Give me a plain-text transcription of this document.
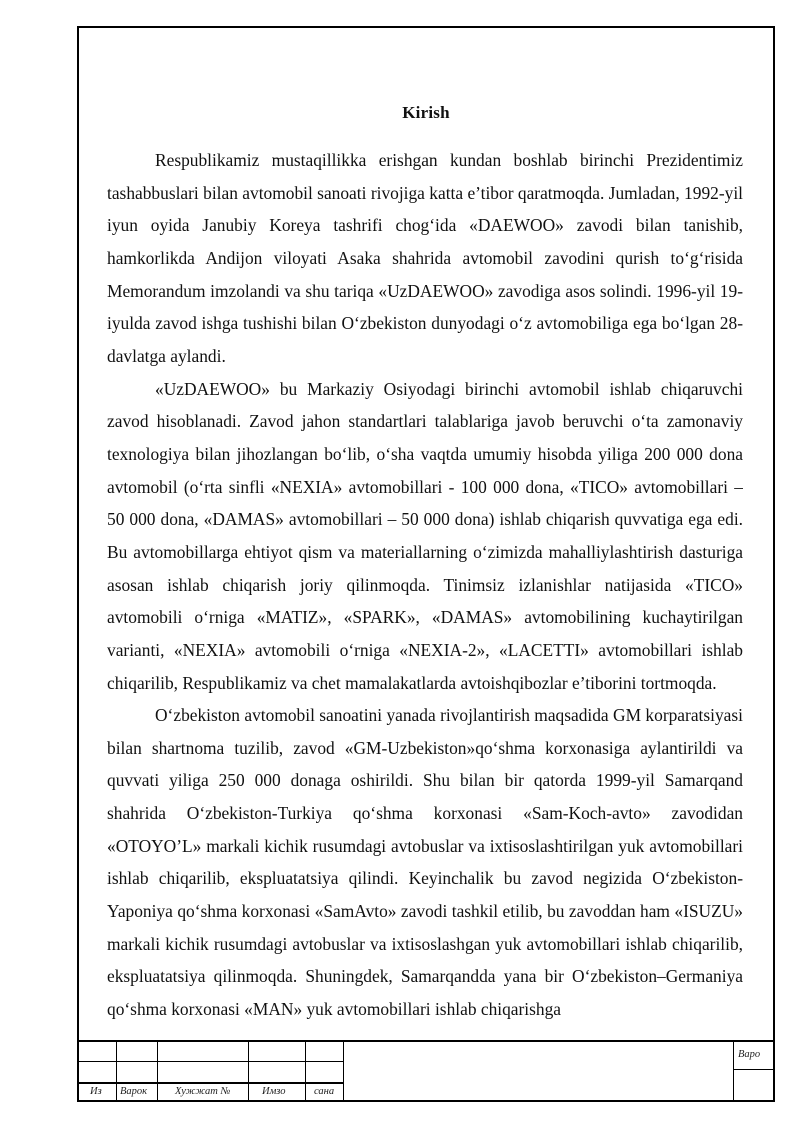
Kirish

Respublikamiz mustaqillikka erishgan kundan boshlab birinchi Prezidentimiz tashabbuslari bilan avtomobil sanoati rivojiga katta e’tibor qaratmoqda. Jumladan, 1992-yil iyun oyida Janubiy Koreya tashrifi chog‘ida «DAEWOO» zavodi bilan tanishib, hamkorlikda Andijon viloyati Asaka shahrida avtomobil zavodini qurish to‘g‘risida Memorandum imzolandi va shu tariqa «UzDAEWOO» zavodiga asos solindi. 1996-yil 19-iyulda zavod ishga tushishi bilan O‘zbekiston dunyodagi o‘z avtomobiliga ega bo‘lgan 28-davlatga aylandi.

«UzDAEWOO» bu Markaziy Osiyodagi birinchi avtomobil ishlab chiqaruvchi zavod hisoblanadi. Zavod jahon standartlari talablariga javob beruvchi o‘ta zamonaviy texnologiya bilan jihozlangan bo‘lib, o‘sha vaqtda umumiy hisobda yiliga 200 000 dona avtomobil (o‘rta sinfli «NEXIA» avtomobillari - 100 000 dona, «TICO» avtomobillari – 50 000 dona, «DAMAS» avtomobillari – 50 000 dona) ishlab chiqarish quvvatiga ega edi. Bu avtomobillarga ehtiyot qism va materiallarning o‘zimizda mahalliylashtirish dasturiga asosan ishlab chiqarish joriy qilinmoqda. Tinimsiz izlanishlar natijasida «TICO» avtomobili o‘rniga «MATIZ», «SPARK», «DAMAS» avtomobilining kuchaytirilgan varianti, «NEXIA» avtomobili o‘rniga «NEXIA-2», «LACETTI» avtomobillari ishlab chiqarilib, Respublikamiz va chet mamalakatlarda avtoishqibozlar e’tiborini tortmoqda.

O‘zbekiston avtomobil sanoatini yanada rivojlantirish maqsadida GM korparatsiyasi bilan shartnoma tuzilib, zavod «GM-Uzbekiston»qo‘shma korxonasiga aylantirildi va quvvati yiliga 250 000 donaga oshirildi. Shu bilan bir qatorda 1999-yil Samarqand shahrida O‘zbekiston-Turkiya qo‘shma korxonasi «Sam-Koch-avto» zavodidan «OTOYO’L» markali kichik rusumdagi avtobuslar va ixtisoslashtirilgan yuk avtomobillari ishlab chiqarilib, ekspluatatsiya qilindi. Keyinchalik bu zavod negizida O‘zbekiston-Yaponiya qo‘shma korxonasi «SamAvto» zavodi tashkil etilib, bu zavoddan ham «ISUZU» markali kichik rusumdagi avtobuslar va ixtisoslashgan yuk avtomobillari ishlab chiqarilib, ekspluatatsiya qilinmoqda. Shuningdek, Samarqandda yana bir O‘zbekiston–Germaniya qo‘shma korxonasi «MAN» yuk avtomobillari ishlab chiqarishga

Из Варок	Хужжат №	Имзо	сана
Варo
